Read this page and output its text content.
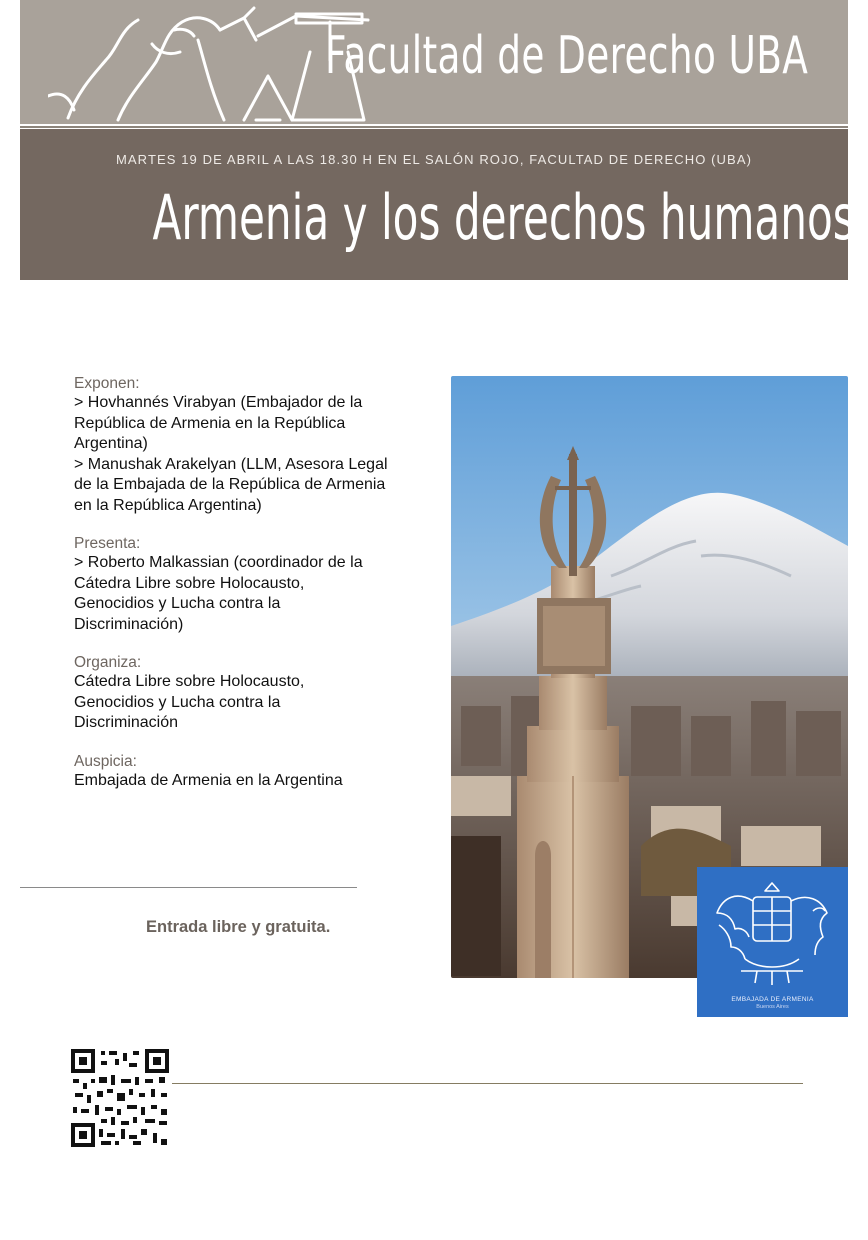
Facultad de Derecho UBA
MARTES 19 DE ABRIL A LAS 18.30 H EN EL SALÓN ROJO, FACULTAD DE DERECHO (UBA)
Armenia y los derechos humanos
Exponen:
> Hovhannés Virabyan (Embajador de la
República de Armenia en la República
Argentina)
> Manushak Arakelyan (LLM, Asesora Legal
de la Embajada de la República de Armenia
en la República Argentina)
Presenta:
> Roberto Malkassian (coordinador de la
Cátedra Libre sobre Holocausto,
Genocidios y Lucha contra la
Discriminación)
Organiza:
Cátedra Libre sobre Holocausto,
Genocidios y Lucha contra la
Discriminación
Auspicia:
Embajada de Armenia en la Argentina
Entrada libre y gratuita.
EMBAJADA DE ARMENIA
Buenos Aires
